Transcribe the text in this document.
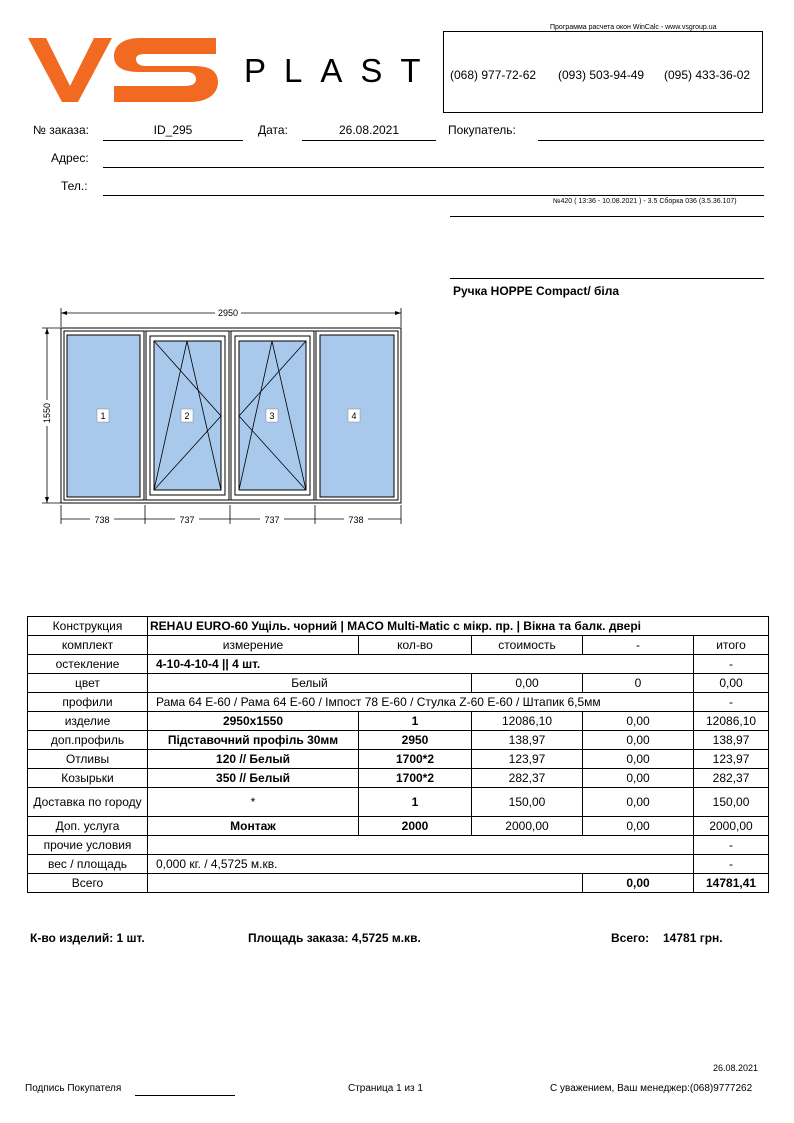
Программа расчета окон WinCalc - www.vsgroup.ua
PLAST (068) 977-72-62 (093) 503-94-49 (095) 433-36-02
№ заказа:	ID_295	Дата:	26.08.2021	Покупатель:
Адрес:
Тел.:
№420 ( 13:36 - 10.08.2021 ) - 3.5 Сборка 036 (3.5.36.107)
Ручка HOPPE Compact/ біла
2950
1550	1	2	3	4
738	737	737	738
Конструкция	REHAU EURO-60 Ущіль. чорний | MACO Multi-Matic с мікр. пр. | Вікна та балк. двері				
комплект	измерение	кол-во	стоимость	-	итого
остекление	4-10-4-10-4 || 4 шт.				-
цвет	Белый		0,00	0	0,00
профили	Рама 64 Е-60 / Рама 64 Е-60 / Імпост 78 Е-60 / Стулка Z-60 Е-60 / Штапик 6,5мм				-
изделие	2950x1550	1	12086,10	0,00	12086,10
доп.профиль	Підставочний профіль 30мм	2950	138,97	0,00	138,97
Отливы	120 // Белый	1700*2	123,97	0,00	123,97
Козырьки	350 // Белый	1700*2	282,37	0,00	282,37
Доставка по городу	*	1	150,00	0,00	150,00
Доп. услуга	Монтаж	2000	2000,00	0,00	2000,00
прочие условия					-
вес / площадь	0,000 кг. / 4,5725 м.кв.				-
Всего				0,00	14781,41
К-во изделий: 1 шт.	Площадь заказа: 4,5725 м.кв.	Всего: 14781 грн.
26.08.2021
Подпись Покупателя	Страница 1 из 1	С уважением, Ваш менеджер:(068)9777262
